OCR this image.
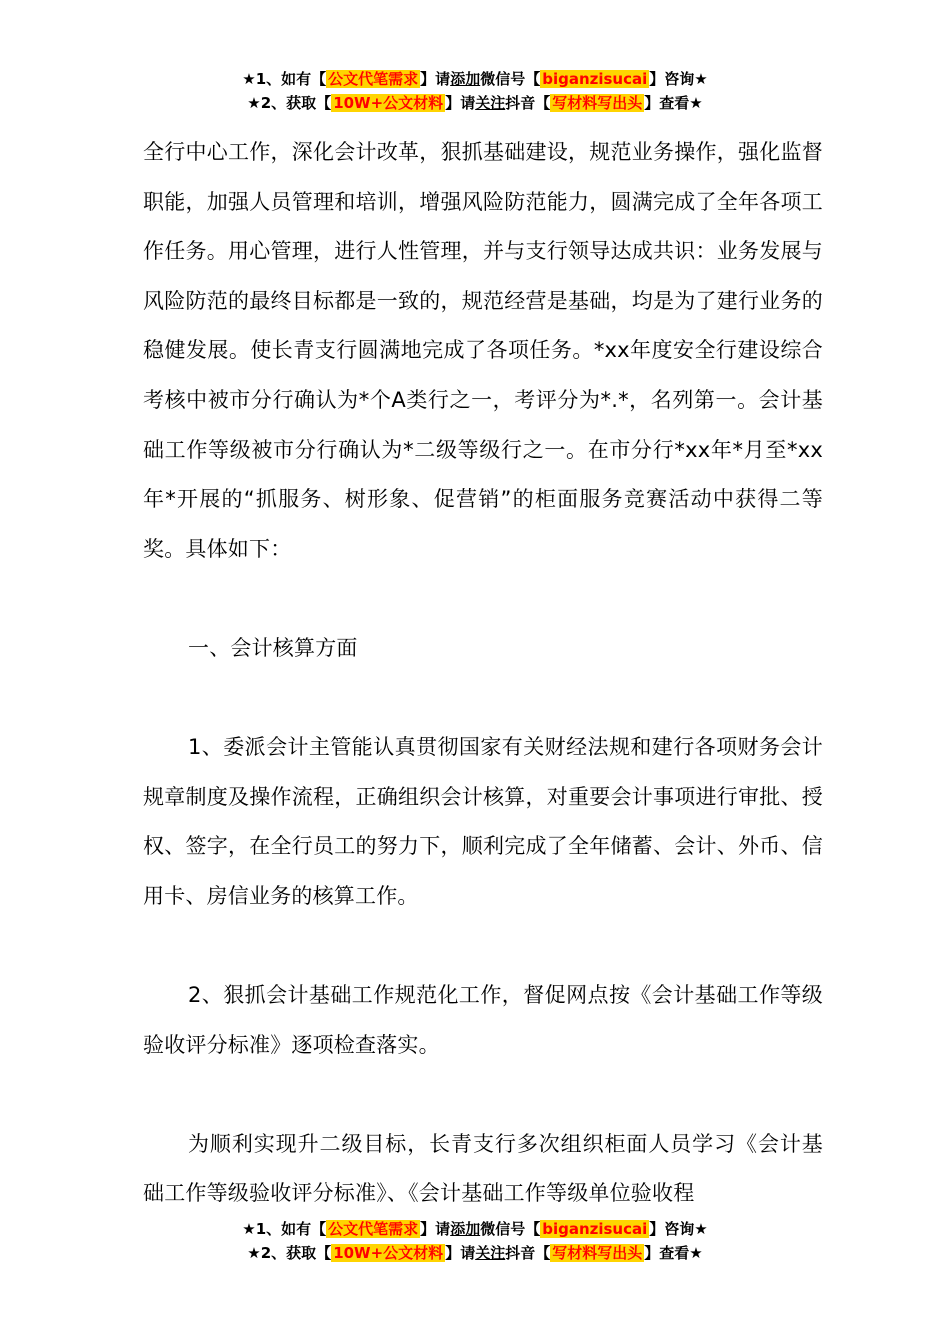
★1、如有【 公文代笔需求 】请添加微信号【 biganzisucai 】咨询★
★2、获取【 10W+公文材料 】请关注抖音【 写材料写出头 】查看★

全行中心工作，深化会计改革，狠抓基础建设，规范业务操作，强化监督职能，加强人员管理和培训，增强风险防范能力，圆满完成了全年各项工作任务。用心管理，进行人性管理，并与支行领导达成共识：业务发展与风险防范的最终目标都是一致的，规范经营是基础，均是为了建行业务的稳健发展。使长青支行圆满地完成了各项任务。*xx年度安全行建设综合考核中被市分行确认为*个A类行之一，考评分为*.*，名列第一。会计基础工作等级被市分行确认为*二级等级行之一。在市分行*xx年*月至*xx年*开展的“抓服务、树形象、促营销”的柜面服务竞赛活动中获得二等奖。具体如下：

一、会计核算方面

1、委派会计主管能认真贯彻国家有关财经法规和建行各项财务会计规章制度及操作流程，正确组织会计核算，对重要会计事项进行审批、授权、签字，在全行员工的努力下，顺利完成了全年储蓄、会计、外币、信用卡、房信业务的核算工作。

2、狠抓会计基础工作规范化工作，督促网点按《会计基础工作等级验收评分标准》逐项检查落实。

为顺利实现升二级目标，长青支行多次组织柜面人员学习《会计基础工作等级验收评分标准》、《会计基础工作等级单位验收程

★1、如有【 公文代笔需求 】请添加微信号【 biganzisucai 】咨询★
★2、获取【 10W+公文材料 】请关注抖音【 写材料写出头 】查看★
